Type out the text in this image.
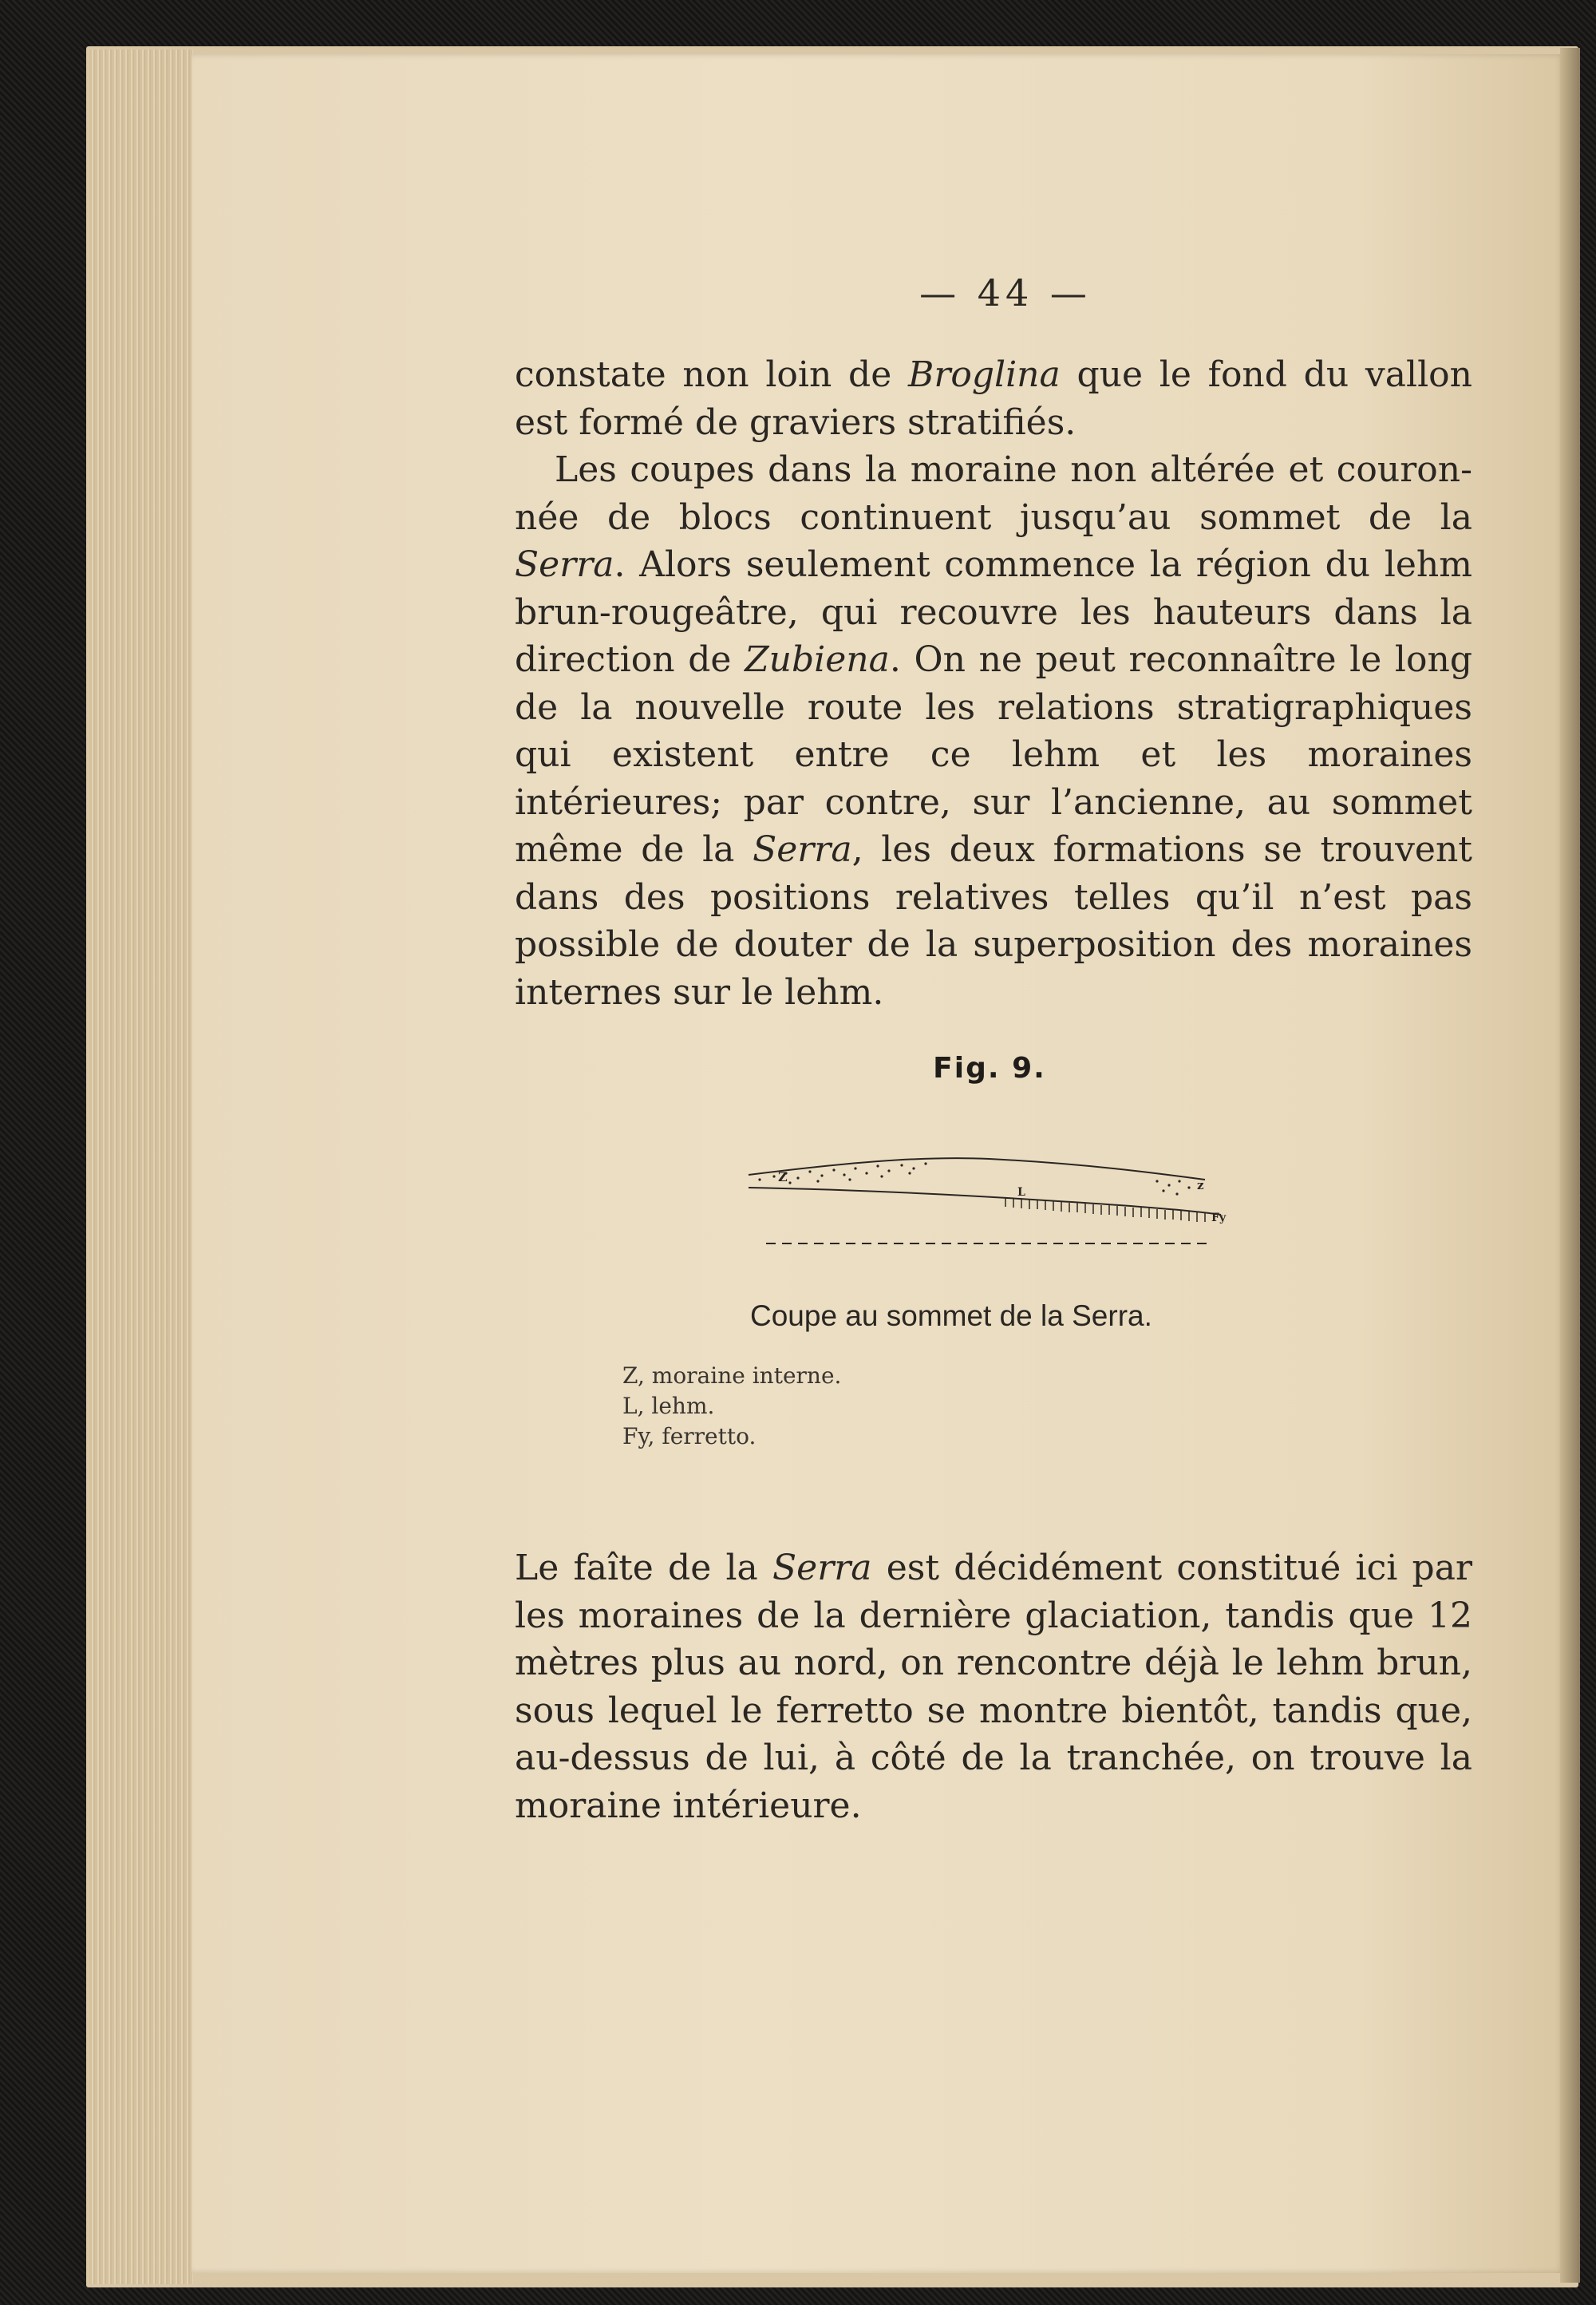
— 44 —

constate non loin de Broglina que le fond du vallon

est formé de graviers stratifiés.

Les coupes dans la moraine non altérée et couronnée de blocs continuent jusqu’au sommet de la Serra. Alors seulement commence la région du lehm brun-rougeâtre, qui recouvre les hauteurs dans la direction de Zubiena. On ne peut reconnaître le long de la nouvelle route les relations stratigraphiques qui existent entre ce lehm et les moraines intérieures; par contre, sur l’ancienne, au sommet même de la Serra, les deux formations se trouvent dans des positions relatives telles qu’il n’est pas possible de douter de la superposition des moraines internes sur le lehm.

Fig. 9.
Z
z
L
Fy
Coupe au sommet de la Serra.
Z, moraine interne.
L, lehm.
Fy, ferretto.

Le faîte de la Serra est décidément constitué ici par les moraines de la dernière glaciation, tandis que 12 mètres plus au nord, on rencontre déjà le lehm brun, sous lequel le ferretto se montre bientôt, tandis que, au-dessus de lui, à côté de la tranchée, on trouve la moraine intérieure.
